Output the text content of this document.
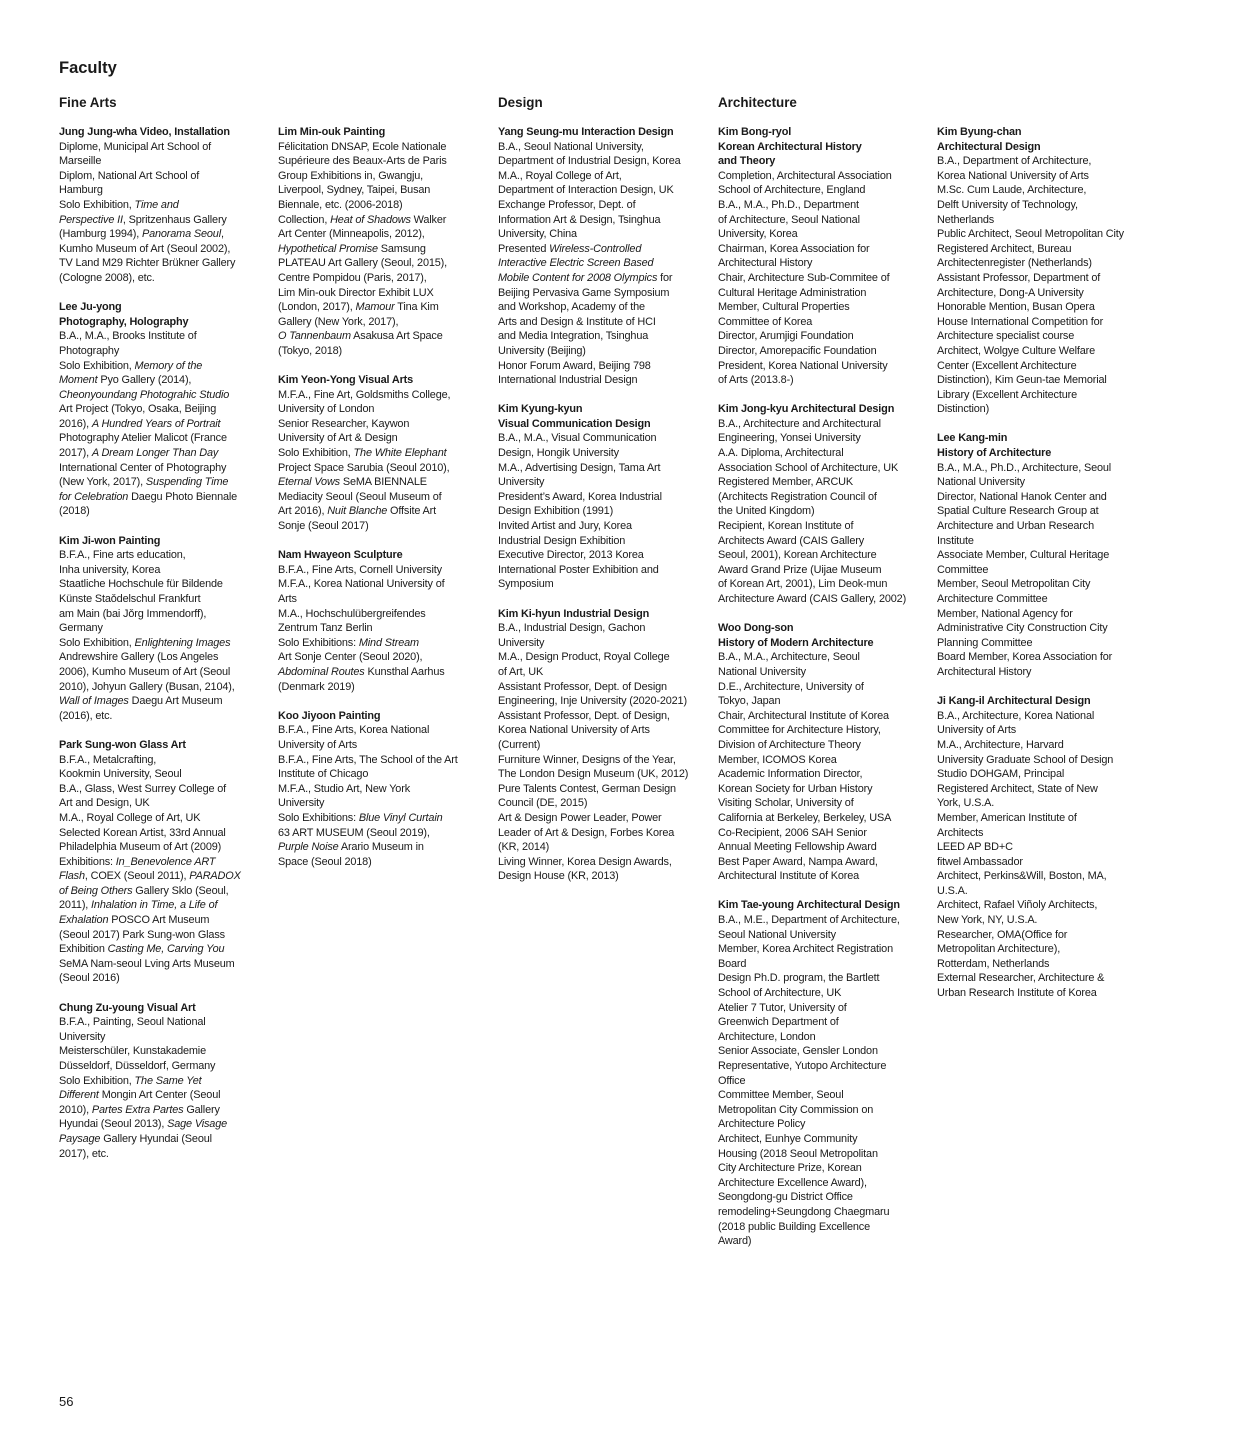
Faculty
Fine Arts
Jung Jung-wha Video, Installation
Diplome, Municipal Art School of
Marseille
Diplom, National Art School of
Hamburg
Solo Exhibition, Time and
Perspective II, Spritzenhaus Gallery
(Hamburg 1994), Panorama Seoul,
Kumho Museum of Art (Seoul 2002),
TV Land M29 Richter Brükner Gallery
(Cologne 2008), etc.
Lee Ju-yong
Photography, Holography
B.A., M.A., Brooks Institute of
Photography
Solo Exhibition, Memory of the
Moment Pyo Gallery (2014),
Cheonyoundang Photograhic Studio
Art Project (Tokyo, Osaka, Beijing
2016), A Hundred Years of Portrait
Photography Atelier Malicot (France
2017), A Dream Longer Than Day
International Center of Photography
(New York, 2017), Suspending Time
for Celebration Daegu Photo Biennale
(2018)
Kim Ji-won Painting
B.F.A., Fine arts education,
Inha university, Korea
Staatliche Hochschule für Bildende
Künste Staǒdelschul Frankfurt
am Main (bai Jǒrg Immendorff),
Germany
Solo Exhibition, Enlightening Images
Andrewshire Gallery (Los Angeles
2006), Kumho Museum of Art (Seoul
2010), Johyun Gallery (Busan, 2104),
Wall of Images Daegu Art Museum
(2016), etc.
Park Sung-won Glass Art
B.F.A., Metalcrafting,
Kookmin University, Seoul
B.A., Glass, West Surrey College of
Art and Design, UK
M.A., Royal College of Art, UK
Selected Korean Artist, 33rd Annual
Philadelphia Museum of Art (2009)
Exhibitions: In_Benevolence ART
Flash, COEX (Seoul 2011), PARADOX
of Being Others Gallery Sklo (Seoul,
2011), Inhalation in Time, a Life of
Exhalation POSCO Art Museum
(Seoul 2017) Park Sung-won Glass
Exhibition Casting Me, Carving You
SeMA Nam-seoul Lving Arts Museum
(Seoul 2016)
Chung Zu-young Visual Art
B.F.A., Painting, Seoul National
University
Meisterschüler, Kunstakademie
Düsseldorf, Düsseldorf, Germany
Solo Exhibition, The Same Yet
Different Mongin Art Center (Seoul
2010), Partes Extra Partes Gallery
Hyundai (Seoul 2013), Sage Visage
Paysage Gallery Hyundai (Seoul
2017), etc.
Lim Min-ouk Painting
Félicitation DNSAP, Ecole Nationale
Supérieure des Beaux-Arts de Paris
Group Exhibitions in, Gwangju,
Liverpool, Sydney, Taipei, Busan
Biennale, etc. (2006-2018)
Collection, Heat of Shadows Walker
Art Center (Minneapolis, 2012),
Hypothetical Promise Samsung
PLATEAU Art Gallery (Seoul, 2015),
Centre Pompidou (Paris, 2017),
Lim Min-ouk Director Exhibit LUX
(London, 2017), Mamour Tina Kim
Gallery (New York, 2017),
O Tannenbaum Asakusa Art Space
(Tokyo, 2018)
Kim Yeon-Yong Visual Arts
M.F.A., Fine Art, Goldsmiths College,
University of London
Senior Researcher, Kaywon
University of Art & Design
Solo Exhibition, The White Elephant
Project Space Sarubia (Seoul 2010),
Eternal Vows SeMA BIENNALE
Mediacity Seoul (Seoul Museum of
Art 2016), Nuit Blanche Offsite Art
Sonje (Seoul 2017)
Nam Hwayeon Sculpture
B.F.A., Fine Arts, Cornell University
M.F.A., Korea National University of
Arts
M.A., Hochschulübergreifendes
Zentrum Tanz Berlin
Solo Exhibitions: Mind Stream
Art Sonje Center (Seoul 2020),
Abdominal Routes Kunsthal Aarhus
(Denmark 2019)
Koo Jiyoon Painting
B.F.A., Fine Arts, Korea National
University of Arts
B.F.A., Fine Arts, The School of the Art
Institute of Chicago
M.F.A., Studio Art, New York
University
Solo Exhibitions: Blue Vinyl Curtain
63 ART MUSEUM (Seoul 2019),
Purple Noise Arario Museum in
Space (Seoul 2018)
Design
Yang Seung-mu Interaction Design
B.A., Seoul National University,
Department of Industrial Design, Korea
M.A., Royal College of Art,
Department of Interaction Design, UK
Exchange Professor, Dept. of
Information Art & Design, Tsinghua
University, China
Presented Wireless-Controlled
Interactive Electric Screen Based
Mobile Content for 2008 Olympics for
Beijing Pervasiva Game Symposium
and Workshop, Academy of the
Arts and Design & Institute of HCI
and Media Integration, Tsinghua
University (Beijing)
Honor Forum Award, Beijing 798
International Industrial Design
Kim Kyung-kyun
Visual Communication Design
B.A., M.A., Visual Communication
Design, Hongik University
M.A., Advertising Design, Tama Art
University
President’s Award, Korea Industrial
Design Exhibition (1991)
Invited Artist and Jury, Korea
Industrial Design Exhibition
Executive Director, 2013 Korea
International Poster Exhibition and
Symposium
Kim Ki-hyun Industrial Design
B.A., Industrial Design, Gachon
University
M.A., Design Product, Royal College
of Art, UK
Assistant Professor, Dept. of Design
Engineering, Inje University (2020-2021)
Assistant Professor, Dept. of Design,
Korea National University of Arts
(Current)
Furniture Winner, Designs of the Year,
The London Design Museum (UK, 2012)
Pure Talents Contest, German Design
Council (DE, 2015)
Art & Design Power Leader, Power
Leader of Art & Design, Forbes Korea
(KR, 2014)
Living Winner, Korea Design Awards,
Design House (KR, 2013)
Architecture
Kim Bong-ryol
Korean Architectural History
and Theory
Completion, Architectural Association
School of Architecture, England
B.A., M.A., Ph.D., Department
of Architecture, Seoul National
University, Korea
Chairman, Korea Association for
Architectural History
Chair, Architecture Sub-Commitee of
Cultural Heritage Administration
Member, Cultural Properties
Committee of Korea
Director, Arumjigi Foundation
Director, Amorepacific Foundation
President, Korea National University
of Arts (2013.8-)
Kim Jong-kyu Architectural Design
B.A., Architecture and Architectural
Engineering, Yonsei University
A.A. Diploma, Architectural
Association School of Architecture, UK
Registered Member, ARCUK
(Architects Registration Council of
the United Kingdom)
Recipient, Korean Institute of
Architects Award (CAIS Gallery
Seoul, 2001), Korean Architecture
Award Grand Prize (Uijae Museum
of Korean Art, 2001), Lim Deok-mun
Architecture Award (CAIS Gallery, 2002)
Woo Dong-son
History of Modern Architecture
B.A., M.A., Architecture, Seoul
National University
D.E., Architecture, University of
Tokyo, Japan
Chair, Architectural Institute of Korea
Committee for Architecture History,
Division of Architecture Theory
Member, ICOMOS Korea
Academic Information Director,
Korean Society for Urban History
Visiting Scholar, University of
California at Berkeley, Berkeley, USA
Co-Recipient, 2006 SAH Senior
Annual Meeting Fellowship Award
Best Paper Award, Nampa Award,
Architectural Institute of Korea
Kim Tae-young Architectural Design
B.A., M.E., Department of Architecture,
Seoul National University
Member, Korea Architect Registration
Board
Design Ph.D. program, the Bartlett
School of Architecture, UK
Atelier 7 Tutor, University of
Greenwich Department of
Architecture, London
Senior Associate, Gensler London
Representative, Yutopo Architecture
Office
Committee Member, Seoul
Metropolitan City Commission on
Architecture Policy
Architect, Eunhye Community
Housing (2018 Seoul Metropolitan
City Architecture Prize, Korean
Architecture Excellence Award),
Seongdong-gu District Office
remodeling+Seungdong Chaegmaru
(2018 public Building Excellence
Award)
Kim Byung-chan
Architectural Design
B.A., Department of Architecture,
Korea National University of Arts
M.Sc. Cum Laude, Architecture,
Delft University of Technology,
Netherlands
Public Architect, Seoul Metropolitan City
Registered Architect, Bureau
Architectenregister (Netherlands)
Assistant Professor, Department of
Architecture, Dong-A University
Honorable Mention, Busan Opera
House International Competition for
Architecture specialist course
Architect, Wolgye Culture Welfare
Center (Excellent Architecture
Distinction), Kim Geun-tae Memorial
Library (Excellent Architecture
Distinction)
Lee Kang-min
History of Architecture
B.A., M.A., Ph.D., Architecture, Seoul
National University
Director, National Hanok Center and
Spatial Culture Research Group at
Architecture and Urban Research
Institute
Associate Member, Cultural Heritage
Committee
Member, Seoul Metropolitan City
Architecture Committee
Member, National Agency for
Administrative City Construction City
Planning Committee
Board Member, Korea Association for
Architectural History
Ji Kang-il Architectural Design
B.A., Architecture, Korea National
University of Arts
M.A., Architecture, Harvard
University Graduate School of Design
Studio DOHGAM, Principal
Registered Architect, State of New
York, U.S.A.
Member, American Institute of
Architects
LEED AP BD+C
fitwel Ambassador
Architect, Perkins&Will, Boston, MA,
U.S.A.
Architect, Rafael Viñoly Architects,
New York, NY, U.S.A.
Researcher, OMA(Office for
Metropolitan Architecture),
Rotterdam, Netherlands
External Researcher, Architecture &
Urban Research Institute of Korea
56
